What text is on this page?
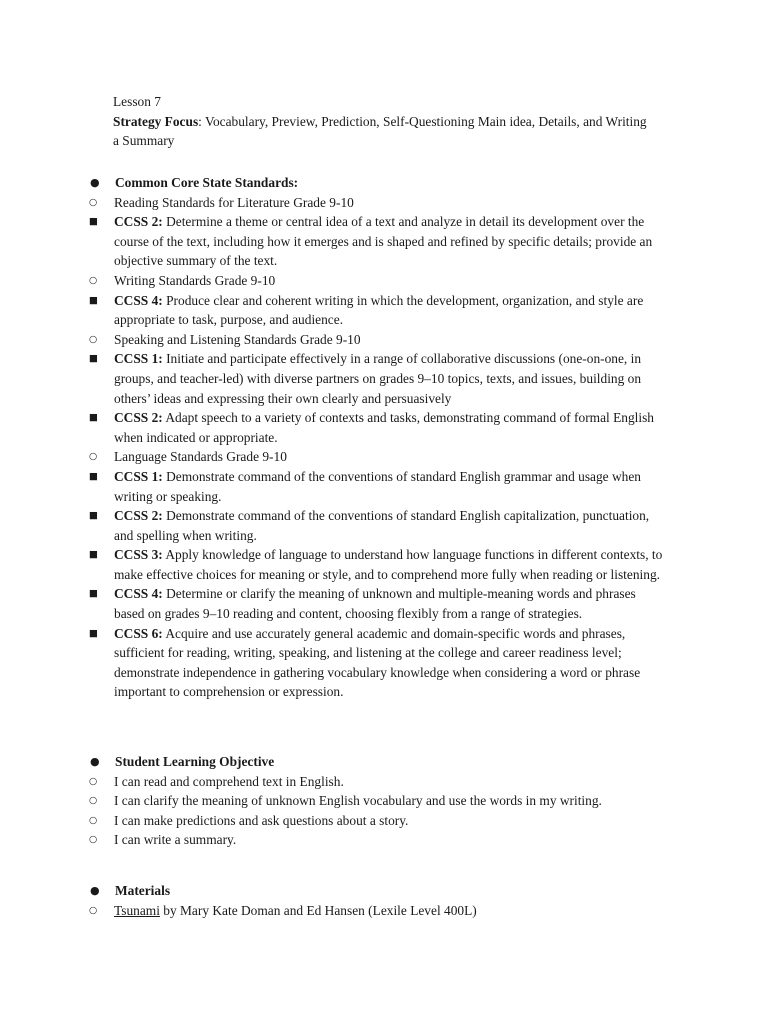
Lesson 7

Strategy Focus: Vocabulary, Preview, Prediction, Self-Questioning Main idea, Details, and Writing a Summary

●	Common Core State Standards:
○	Reading Standards for Literature Grade 9-10
■	CCSS 2: Determine a theme or central idea of a text and analyze in detail its development over the course of the text, including how it emerges and is shaped and refined by specific details; provide an objective summary of the text.
○	Writing Standards Grade 9-10
■	CCSS 4: Produce clear and coherent writing in which the development, organization, and style are appropriate to task, purpose, and audience.
○	Speaking and Listening Standards Grade 9-10
■	CCSS 1: Initiate and participate effectively in a range of collaborative discussions (one-on-one, in groups, and teacher-led) with diverse partners on grades 9–10 topics, texts, and issues, building on others’ ideas and expressing their own clearly and persuasively
■	CCSS 2: Adapt speech to a variety of contexts and tasks, demonstrating command of formal English when indicated or appropriate.
○	Language Standards Grade 9-10
■	CCSS 1: Demonstrate command of the conventions of standard English grammar and usage when writing or speaking.
■	CCSS 2: Demonstrate command of the conventions of standard English capitalization, punctuation, and spelling when writing.
■	CCSS 3: Apply knowledge of language to understand how language functions in different contexts, to make effective choices for meaning or style, and to comprehend more fully when reading or listening.
■	CCSS 4: Determine or clarify the meaning of unknown and multiple-meaning words and phrases based on grades 9–10 reading and content, choosing flexibly from a range of strategies.
■	CCSS 6: Acquire and use accurately general academic and domain-specific words and phrases, sufficient for reading, writing, speaking, and listening at the college and career readiness level; demonstrate independence in gathering vocabulary knowledge when considering a word or phrase important to comprehension or expression.
●	Student Learning Objective
○	I can read and comprehend text in English.
○	I can clarify the meaning of unknown English vocabulary and use the words in my writing.
○	I can make predictions and ask questions about a story.
○	I can write a summary.
●	Materials
○	Tsunami by Mary Kate Doman and Ed Hansen (Lexile Level 400L)
